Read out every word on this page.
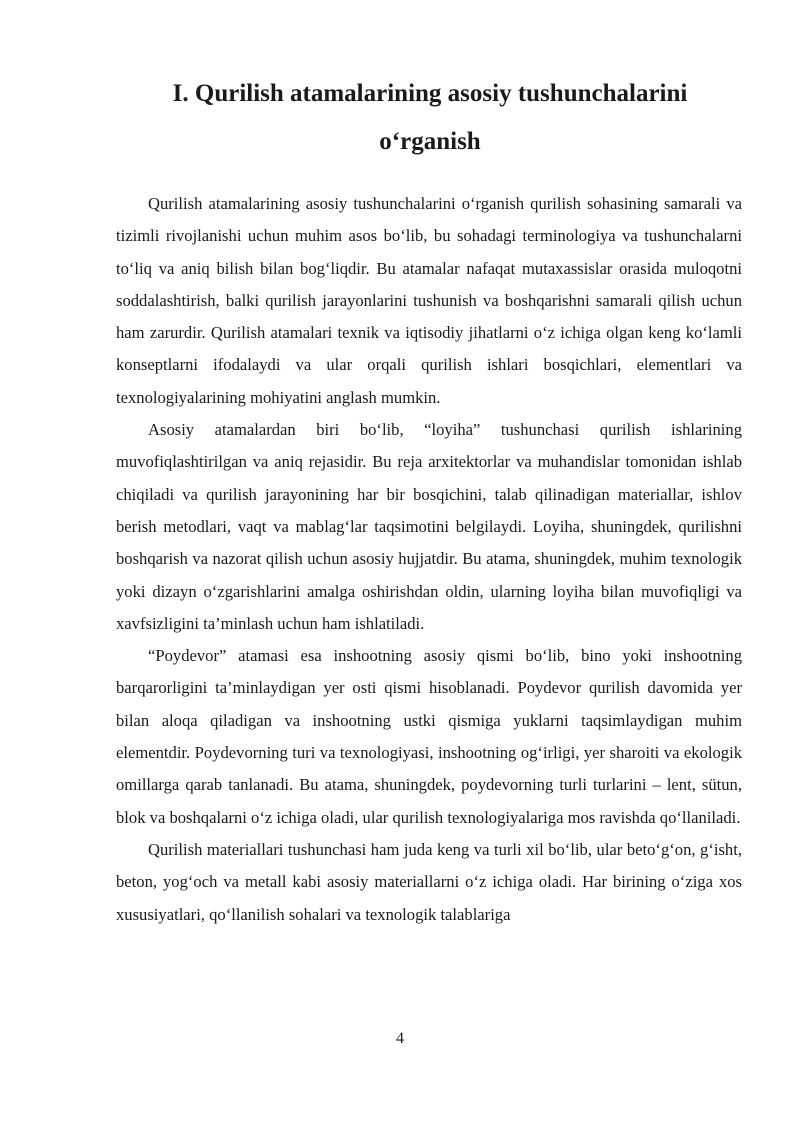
I. Qurilish atamalarining asosiy tushunchalarini o‘rganish

Qurilish atamalarining asosiy tushunchalarini o‘rganish qurilish sohasining samarali va tizimli rivojlanishi uchun muhim asos bo‘lib, bu sohadagi terminologiya va tushunchalarni to‘liq va aniq bilish bilan bog‘liqdir. Bu atamalar nafaqat mutaxassislar orasida muloqotni soddalashtirish, balki qurilish jarayonlarini tushunish va boshqarishni samarali qilish uchun ham zarurdir. Qurilish atamalari texnik va iqtisodiy jihatlarni o‘z ichiga olgan keng ko‘lamli konseptlarni ifodalaydi va ular orqali qurilish ishlari bosqichlari, elementlari va texnologiyalarining mohiyatini anglash mumkin.

Asosiy atamalardan biri bo‘lib, “loyiha” tushunchasi qurilish ishlarining muvofiqlashtirilgan va aniq rejasidir. Bu reja arxitektorlar va muhandislar tomonidan ishlab chiqiladi va qurilish jarayonining har bir bosqichini, talab qilinadigan materiallar, ishlov berish metodlari, vaqt va mablag‘lar taqsimotini belgilaydi. Loyiha, shuningdek, qurilishni boshqarish va nazorat qilish uchun asosiy hujjatdir. Bu atama, shuningdek, muhim texnologik yoki dizayn o‘zgarishlarini amalga oshirishdan oldin, ularning loyiha bilan muvofiqligi va xavfsizligini ta’minlash uchun ham ishlatiladi.

“Poydevor” atamasi esa inshootning asosiy qismi bo‘lib, bino yoki inshootning barqarorligini ta’minlaydigan yer osti qismi hisoblanadi. Poydevor qurilish davomida yer bilan aloqa qiladigan va inshootning ustki qismiga yuklarni taqsimlaydigan muhim elementdir. Poydevorning turi va texnologiyasi, inshootning og‘irligi, yer sharoiti va ekologik omillarga qarab tanlanadi. Bu atama, shuningdek, poydevorning turli turlarini – lent, sütun, blok va boshqalarni o‘z ichiga oladi, ular qurilish texnologiyalariga mos ravishda qo‘llaniladi.

Qurilish materiallari tushunchasi ham juda keng va turli xil bo‘lib, ular beto‘g‘on, g‘isht, beton, yog‘och va metall kabi asosiy materiallarni o‘z ichiga oladi. Har birining o‘ziga xos xususiyatlari, qo‘llanilish sohalari va texnologik talablariga

4
